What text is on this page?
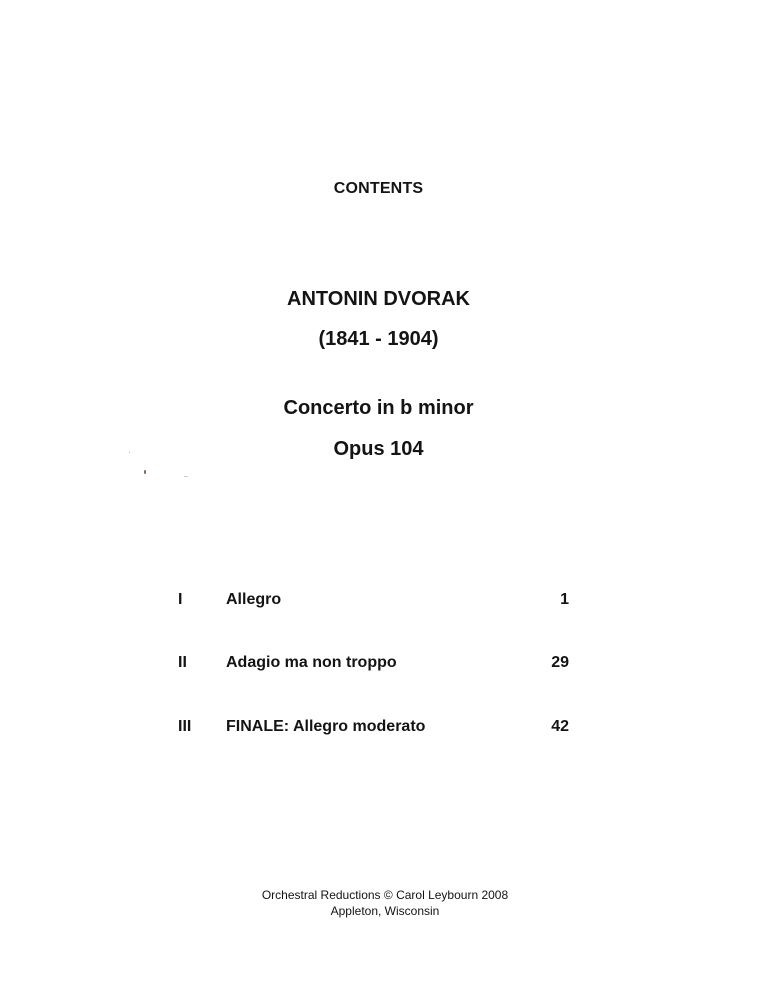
CONTENTS
ANTONIN DVORAK
(1841 - 1904)
Concerto in b minor
Opus 104
I	Allegro	1
II Adagio ma non troppo	29
III FINALE: Allegro moderato	42
Orchestral Reductions © Carol Leybourn 2008
Appleton, Wisconsin
